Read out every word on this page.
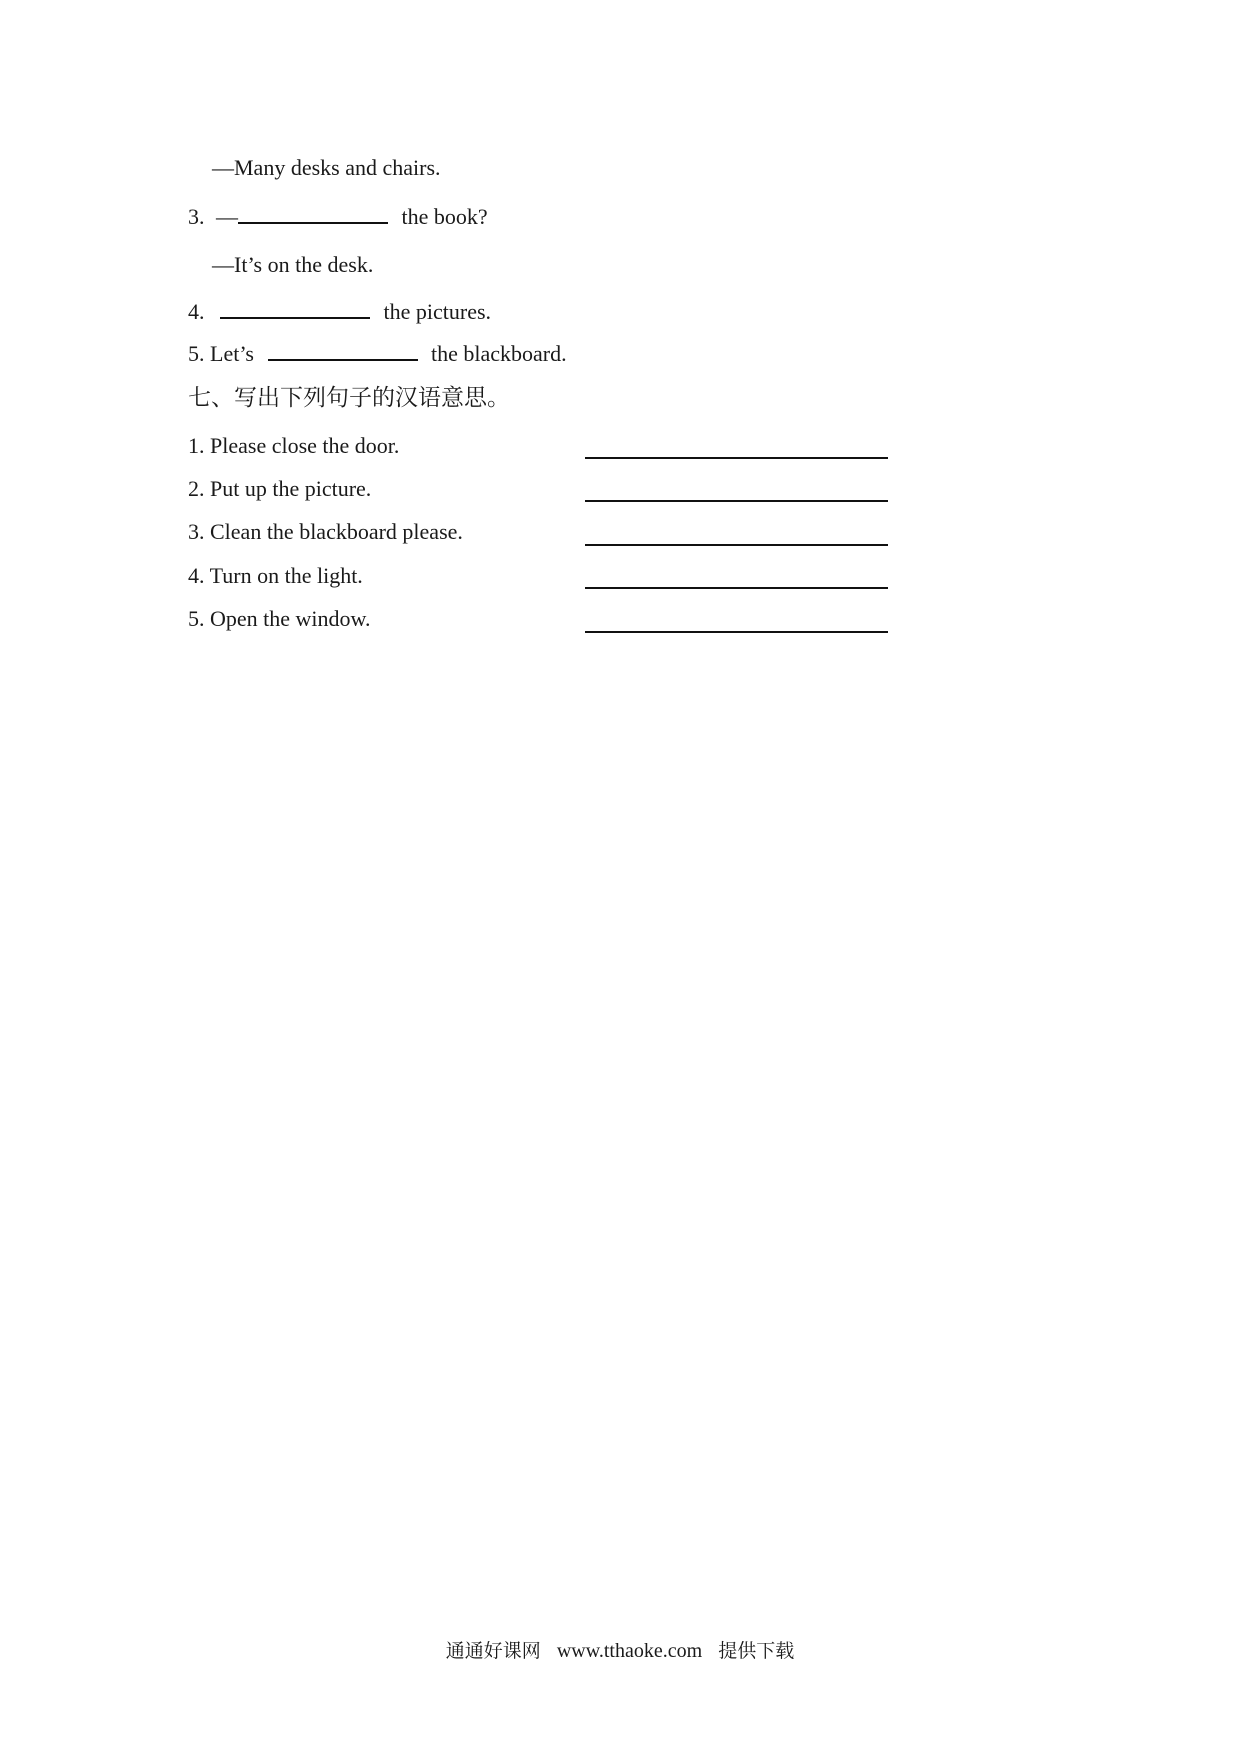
—Many desks and chairs.
3. —	the book?
—It’s on the desk.
4.	the pictures.
5. Let’s	the blackboard.
七、写出下列句子的汉语意思。
1. Please close the door.
2. Put up the picture.
3. Clean the blackboard please.
4. Turn on the light.
5. Open the window.
通通好课网 www.tthaoke.com 提供下载
